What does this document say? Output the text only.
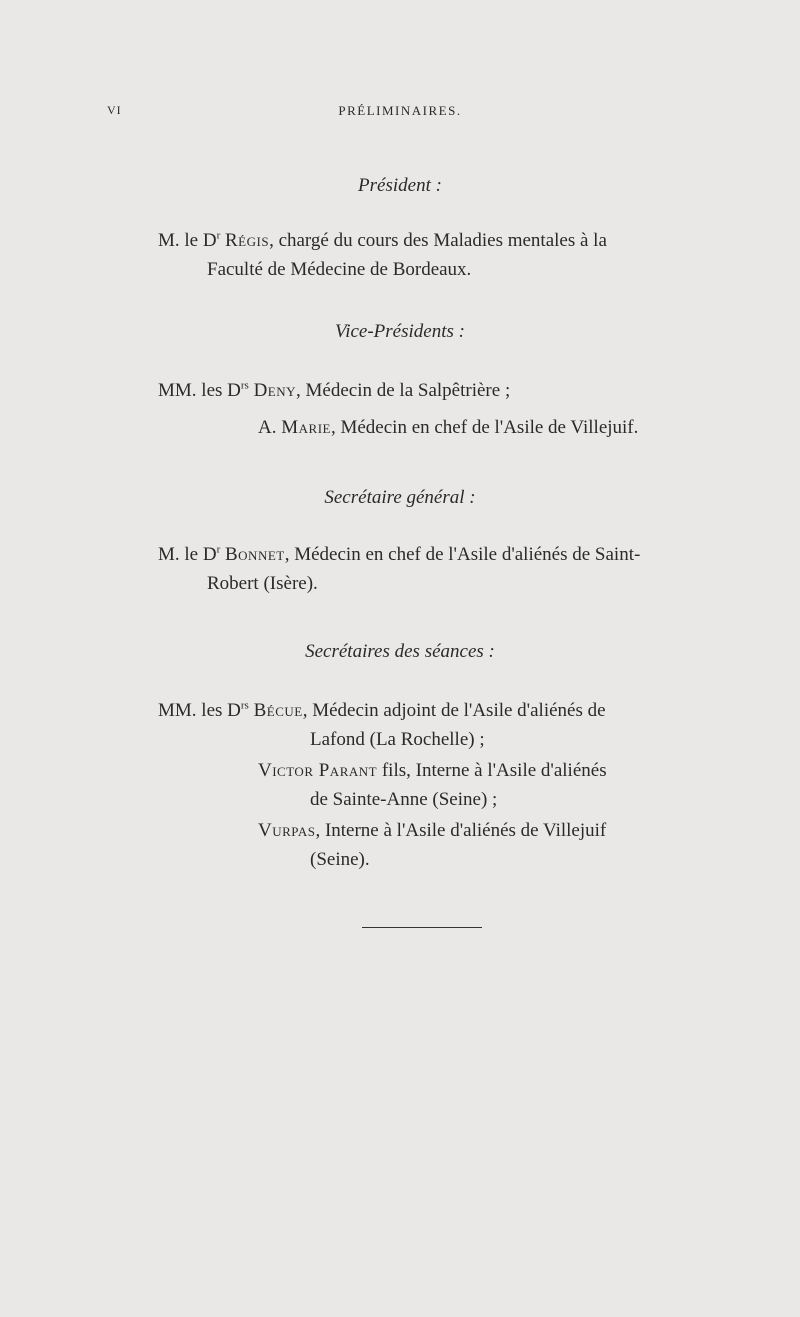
VI	PRÉLIMINAIRES.
Président :
M. le $D^r$ Régis, chargé du cours des Maladies mentales à la
Faculté de Médecine de Bordeaux.
Vice-Présidents :
MM. les $D^{rs}$ Deny, Médecin de la Salpêtrière ;
A. Marie, Médecin en chef de l'Asile de Villejuif.
Secrétaire général :
M. le $D^r$ Bonnet, Médecin en chef de l'Asile d'aliénés de Saint-
Robert (Isère).
Secrétaires des séances :
MM. les $D^{rs}$ Bécue, Médecin adjoint de l'Asile d'aliénés de
Lafond (La Rochelle) ;
Victor Parant fils, Interne à l'Asile d'aliénés
de Sainte-Anne (Seine) ;
Vurpas, Interne à l'Asile d'aliénés de Villejuif
(Seine).
